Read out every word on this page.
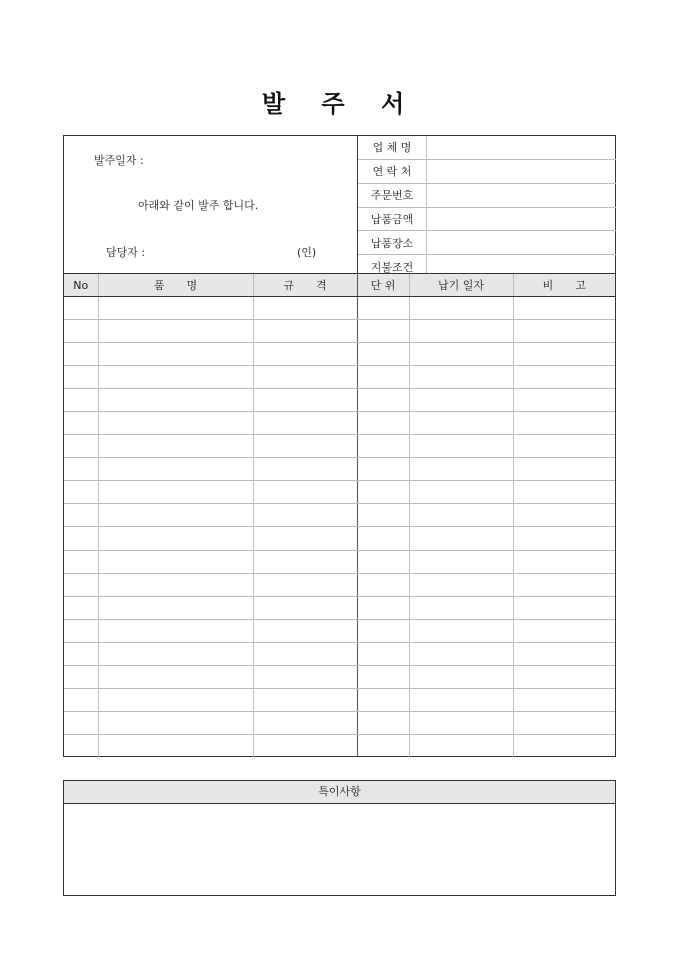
발 주 서
발주일자 :
아래와 같이 발주 합니다.
담당자 :	(인)
업 체 명	
연 락 처	
주문번호	
납품금액	
납품장소	
지불조건	
No	품　　명	규　　격	단 위	납기 일자	비　　고

특이사항
